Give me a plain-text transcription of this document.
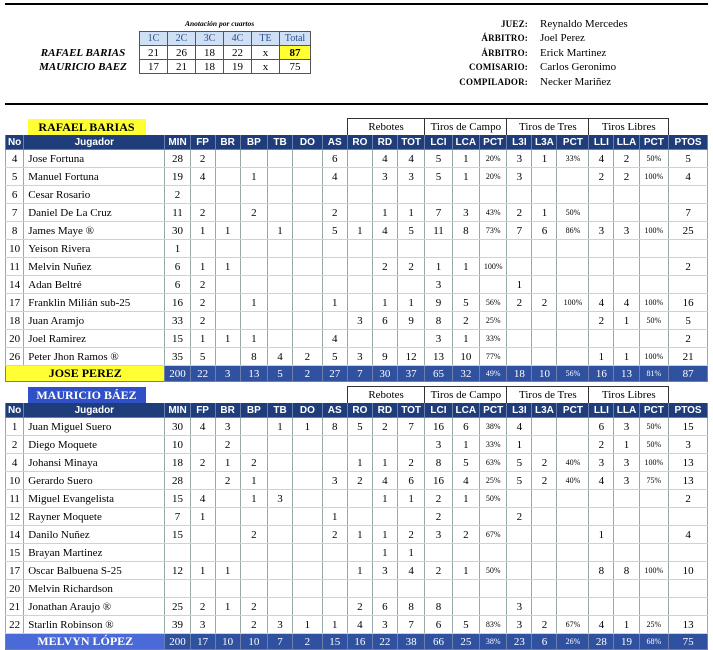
Anotación por cuartos
	1C	2C	3C	4C	TE	Total
RAFAEL BARIAS	21	26	18	22	x	87
MAURICIO BAEZ	17	21	18	19	x	75
JUEZ:	Reynaldo Mercedes
ÁRBITRO:	Joel Perez
ÁRBITRO:	Erick Martinez
COMISARIO:	Carlos Geronimo
COMPILADOR:	Necker Mariñez
RAFAEL BARIAS									Rebotes			Tiros de Campo			Tiros de Tres			Tiros Libres			
No	Jugador	MIN	FP	BR	BP	TB	DO	AS	RO	RD	TOT	LCI	LCA	PCT	L3I	L3A	PCT	LLI	LLA	PCT	PTOS
4	Jose Fortuna	28	2					6		4	4	5	1	20%	3	1	33%	4	2	50%	5
5	Manuel Fortuna	19	4		1			4		3	3	5	1	20%	3			2	2	100%	4
6	Cesar Rosario	2																			
7	Daniel De La Cruz	11	2		2			2		1	1	7	3	43%	2	1	50%				7
8	James Maye ®	30	1	1		1		5	1	4	5	11	8	73%	7	6	86%	3	3	100%	25
10	Yeison Rivera	1																			
11	Melvin Nuñez	6	1	1						2	2	1	1	100%							2
14	Adan Beltré	6	2									3			1						
17	Franklin Milián sub-25	16	2		1			1		1	1	9	5	56%	2	2	100%	4	4	100%	16
18	Juan Aramjo	33	2						3	6	9	8	2	25%				2	1	50%	5
20	Joel Ramirez	15	1	1	1			4				3	1	33%							2
26	Peter Jhon Ramos ®	35	5		8	4	2	5	3	9	12	13	10	77%				1	1	100%	21
JOSE PEREZ		200	22	3	13	5	2	27	7	30	37	65	32	49%	18	10	56%	16	13	81%	87
MAURICIO BÁEZ									Rebotes			Tiros de Campo			Tiros de Tres			Tiros Libres			
No	Jugador	MIN	FP	BR	BP	TB	DO	AS	RO	RD	TOT	LCI	LCA	PCT	L3I	L3A	PCT	LLI	LLA	PCT	PTOS
1	Juan Miguel Suero	30	4	3		1	1	8	5	2	7	16	6	38%	4			6	3	50%	15
2	Diego Moquete	10		2								3	1	33%	1			2	1	50%	3
4	Johansi Minaya	18	2	1	2				1	1	2	8	5	63%	5	2	40%	3	3	100%	13
10	Gerardo Suero	28		2	1			3	2	4	6	16	4	25%	5	2	40%	4	3	75%	13
11	Miguel Evangelista	15	4		1	3				1	1	2	1	50%							2
12	Rayner Moquete	7	1					1				2			2						
14	Danilo Nuñez	15			2			2	1	1	2	3	2	67%				1			4
15	Brayan Martinez									1	1										
17	Oscar Balbuena S-25	12	1	1					1	3	4	2	1	50%				8	8	100%	10
20	Melvin Richardson																				
21	Jonathan Araujo ®	25	2	1	2				2	6	8	8			3						
22	Starlin Robinson ®	39	3		2	3	1	1	4	3	7	6	5	83%	3	2	67%	4	1	25%	13
MELVYN LÓPEZ		200	17	10	10	7	2	15	16	22	38	66	25	38%	23	6	26%	28	19	68%	75
